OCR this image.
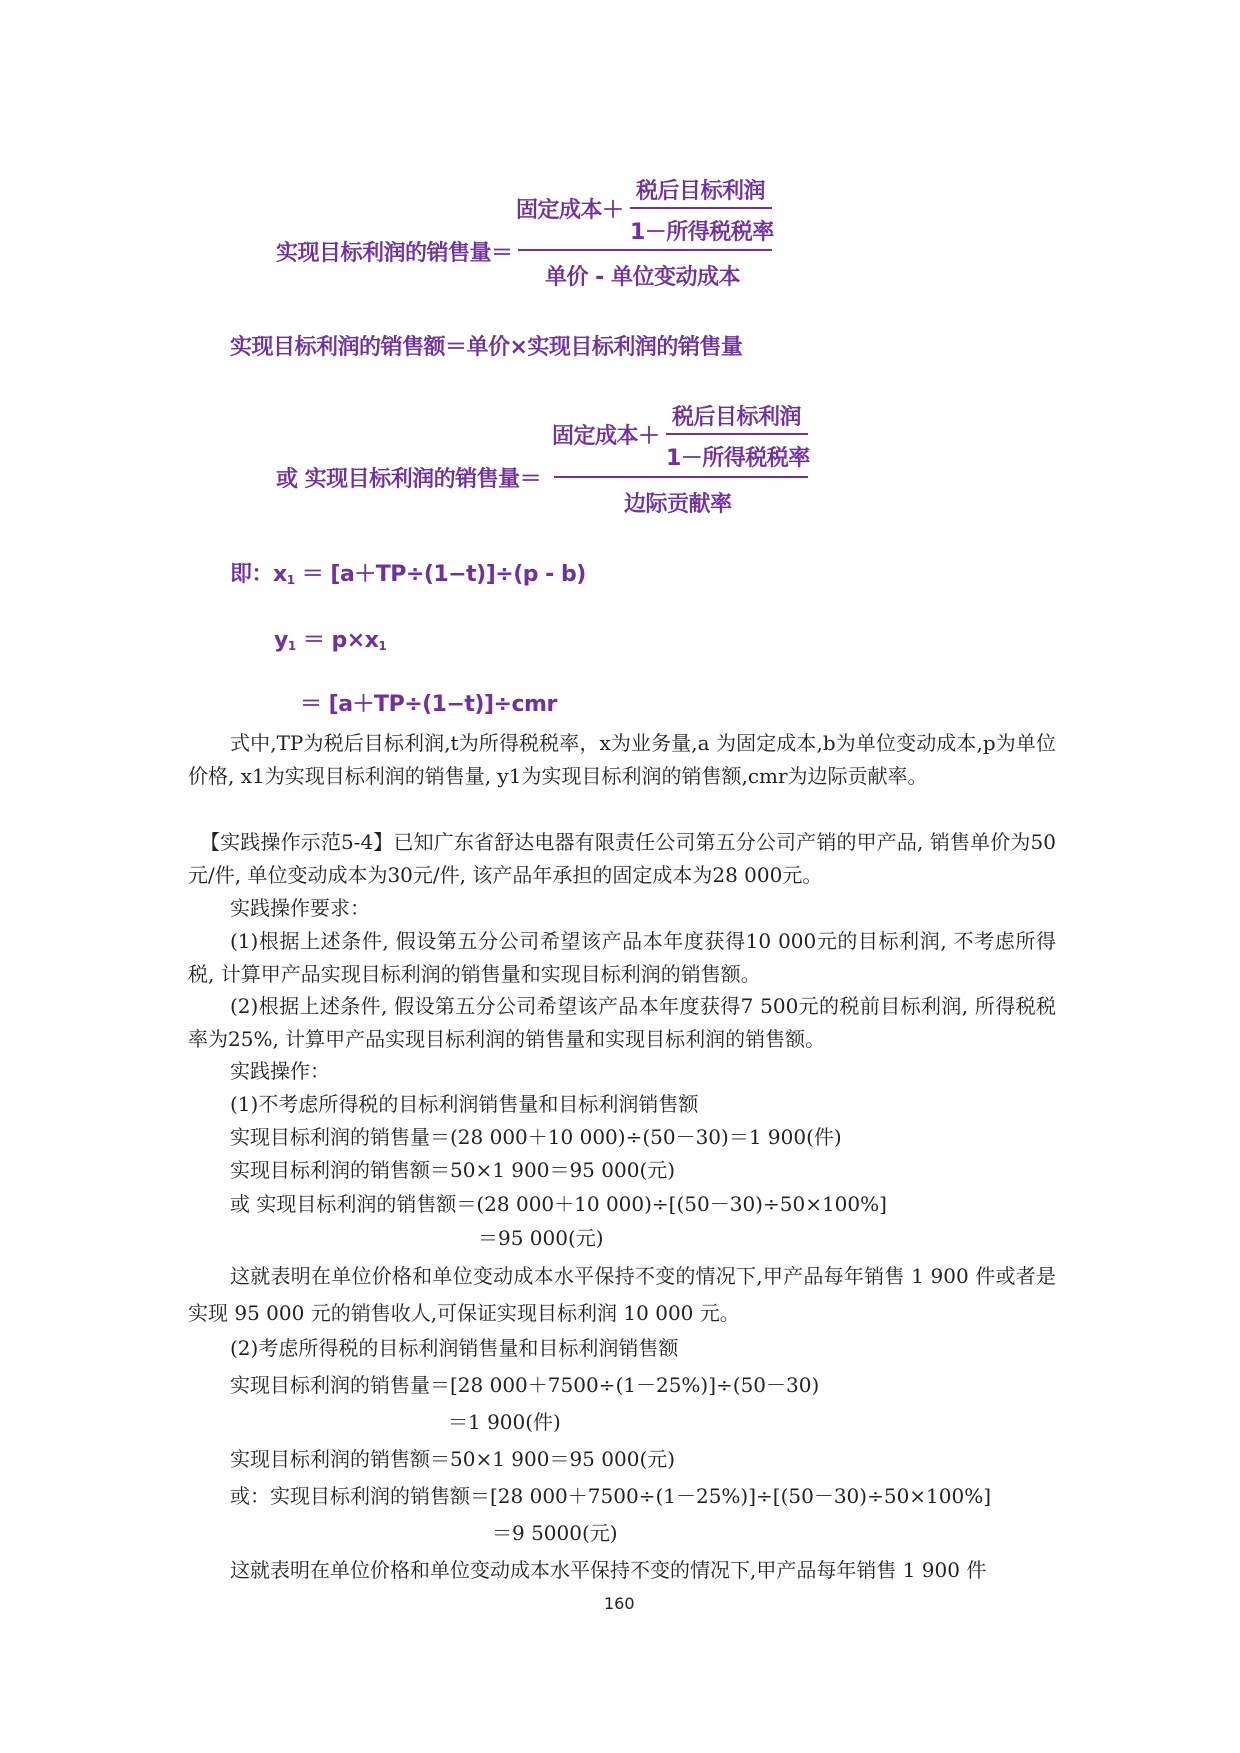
固定成本＋
税后目标利润
1－所得税税率
实现目标利润的销售量＝
单价 - 单位变动成本
实现目标利润的销售额＝单价×实现目标利润的销售量
固定成本＋
税后目标利润
1－所得税税率
或 实现目标利润的销售量＝
边际贡献率
即：$x_1 = [a+TP\div(1-t)]\div(p - b)$
$y_1 = p\times x_1$
＝ [a＋TP÷(1−t)]÷cmr
式中,TP为税后目标利润,t为所得税税率，x为业务量,a 为固定成本,b为单位变动成本,p为单位价格, x1为实现目标利润的销售量, y1为实现目标利润的销售额,cmr为边际贡献率。
【实践操作示范5-4】已知广东省舒达电器有限责任公司第五分公司产销的甲产品, 销售单价为50元/件, 单位变动成本为30元/件, 该产品年承担的固定成本为28 000元。
实践操作要求：
(1)根据上述条件, 假设第五分公司希望该产品本年度获得10 000元的目标利润, 不考虑所得税, 计算甲产品实现目标利润的销售量和实现目标利润的销售额。
(2)根据上述条件, 假设第五分公司希望该产品本年度获得7 500元的税前目标利润, 所得税税率为25%, 计算甲产品实现目标利润的销售量和实现目标利润的销售额。
实践操作：
(1)不考虑所得税的目标利润销售量和目标利润销售额
实现目标利润的销售量＝(28 000＋10 000)÷(50－30)＝1 900(件)
实现目标利润的销售额＝50×1 900＝95 000(元)
或 实现目标利润的销售额＝(28 000＋10 000)÷[(50－30)÷50×100%]
＝95 000(元)
这就表明在单位价格和单位变动成本水平保持不变的情况下,甲产品每年销售 1 900 件或者是实现 95 000 元的销售收人,可保证实现目标利润 10 000 元。
(2)考虑所得税的目标利润销售量和目标利润销售额
实现目标利润的销售量＝[28 000＋7500÷(1－25%)]÷(50－30)
＝1 900(件)
实现目标利润的销售额＝50×1 900＝95 000(元)
或：实现目标利润的销售额＝[28 000＋7500÷(1－25%)]÷[(50－30)÷50×100%]
＝9 5000(元)
这就表明在单位价格和单位变动成本水平保持不变的情况下,甲产品每年销售 1 900 件
160
